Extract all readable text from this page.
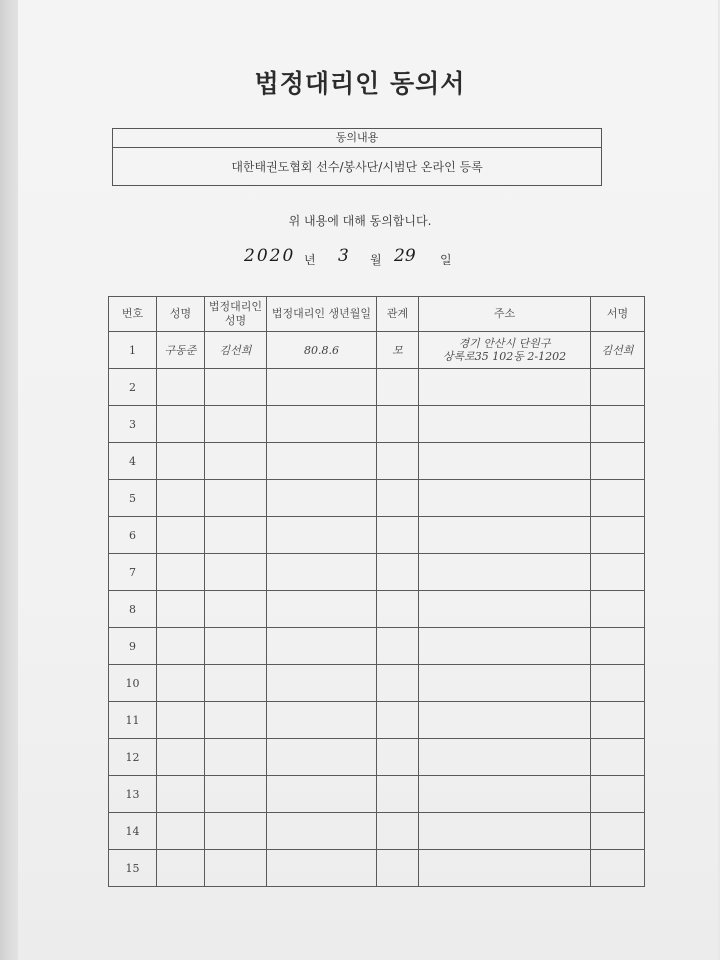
법정대리인 동의서
동의내용
대한태권도협회 선수/봉사단/시범단 온라인 등록
위 내용에 대해 동의합니다.
2020 년 3 월 29 일
번호	성명	법정대리인 성명	법정대리인 생년월일	관계	주소	서명
1	구동준	김선희	80.8.6	모	경기 안산시 단원구
상록로35 102동 2-1202	김선희
2					

3					

4					

5					

6					

7					

8					

9					

10					

11					

12					

13					

14					

15					
